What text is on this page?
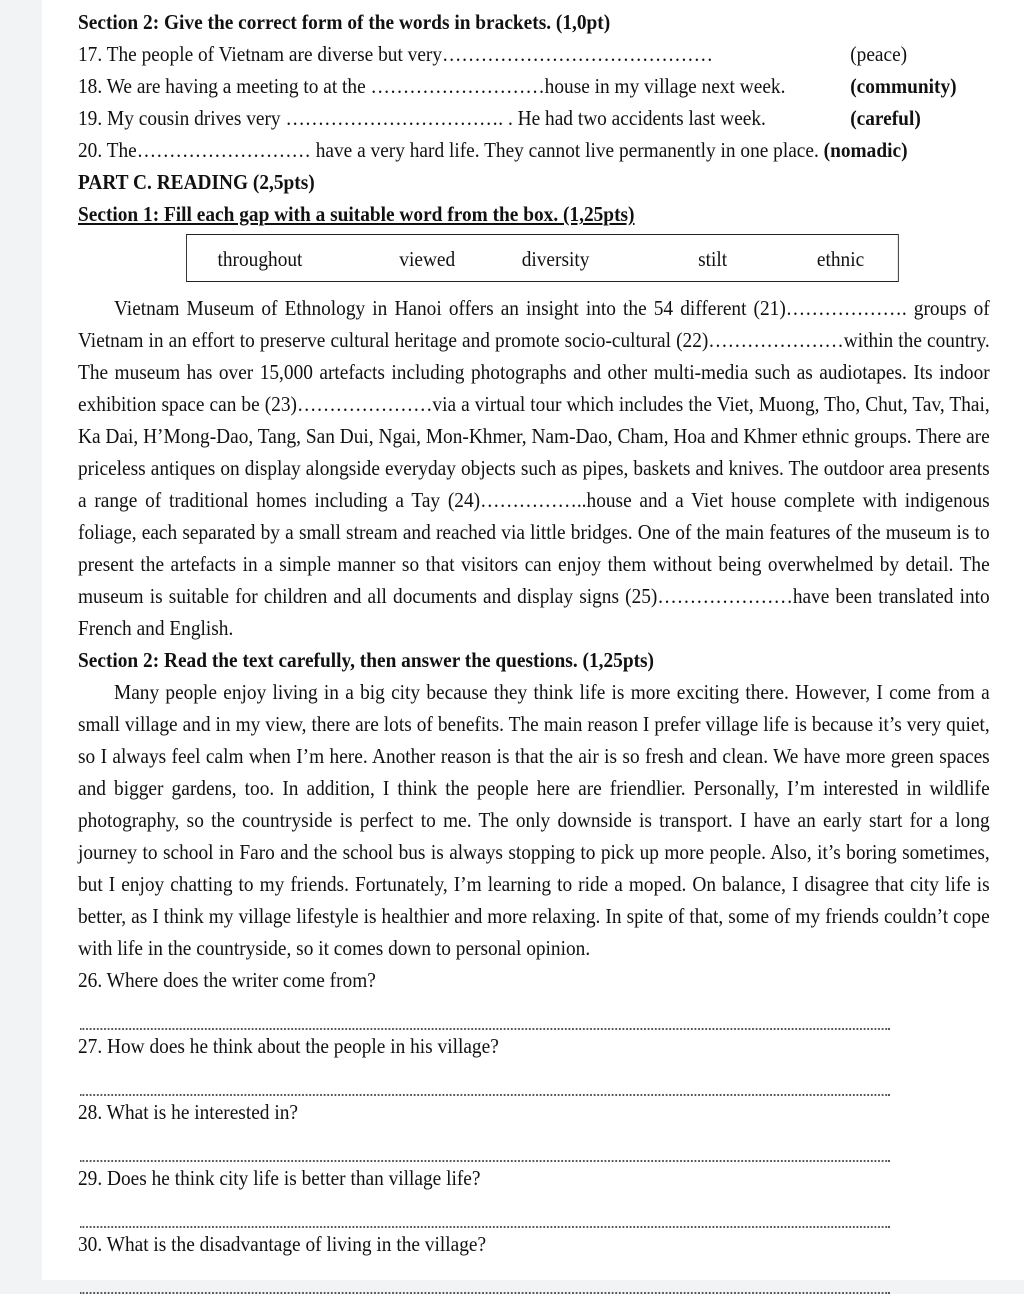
Section 2: Give the correct form of the words in brackets. (1,0pt)
17. The people of Vietnam are diverse but very……………………………………	(peace)
18. We are having a meeting to at the ………………………house in my village next week.	(community)
19. My cousin drives very ……………………………. . He had two accidents last week.	(careful)
20. The……………………… have a very hard life. They cannot live permanently in one place. (nomadic)
PART C. READING (2,5pts)
Section 1: Fill each gap with a suitable word from the box. (1,25pts)
throughout	viewed	diversity	stilt	ethnic

Vietnam Museum of Ethnology in Hanoi offers an insight into the 54 different (21)………………. groups of Vietnam in an effort to preserve cultural heritage and promote socio-cultural (22)…………………within the country. The museum has over 15,000 artefacts including photographs and other multi-media such as audiotapes. Its indoor exhibition space can be (23)…………………via a virtual tour which includes the Viet, Muong, Tho, Chut, Tav, Thai, Ka Dai, H’Mong-Dao, Tang, San Dui, Ngai, Mon-Khmer, Nam-Dao, Cham, Hoa and Khmer ethnic groups. There are priceless antiques on display alongside everyday objects such as pipes, baskets and knives. The outdoor area presents a range of traditional homes including a Tay (24)……………..house and a Viet house complete with indigenous foliage, each separated by a small stream and reached via little bridges. One of the main features of the museum is to present the artefacts in a simple manner so that visitors can enjoy them without being overwhelmed by detail. The museum is suitable for children and all documents and display signs (25)…………………have been translated into French and English.

Section 2: Read the text carefully, then answer the questions. (1,25pts)

Many people enjoy living in a big city because they think life is more exciting there. However, I come from a small village and in my view, there are lots of benefits. The main reason I prefer village life is because it’s very quiet, so I always feel calm when I’m here. Another reason is that the air is so fresh and clean. We have more green spaces and bigger gardens, too. In addition, I think the people here are friendlier. Personally, I’m interested in wildlife photography, so the countryside is perfect to me. The only downside is transport. I have an early start for a long journey to school in Faro and the school bus is always stopping to pick up more people. Also, it’s boring sometimes, but I enjoy chatting to my friends. Fortunately, I’m learning to ride a moped. On balance, I disagree that city life is better, as I think my village lifestyle is healthier and more relaxing. In spite of that, some of my friends couldn’t cope with life in the countryside, so it comes down to personal opinion.

26. Where does the writer come from?
27. How does he think about the people in his village?
28. What is he interested in?
29. Does he think city life is better than village life?
30. What is the disadvantage of living in the village?
